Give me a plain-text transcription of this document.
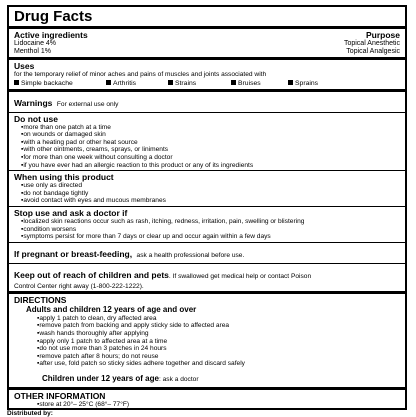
Drug Facts
Active ingredients	Purpose
Lidocaine 4%	Topical Anesthetic
Menthol 1%	Topical Analgesic
Uses
for the temporary relief of minor aches and pains of muscles and joints associated with
Simple backache	Arthritis	Strains	Bruises	Sprains
Warnings For external use only
Do not use
▪more than one patch at a time
▪on wounds or damaged skin
▪with a heating pad or other heat source
▪with other ointments, creams, sprays, or liniments
▪for more than one week without consulting a doctor
▪if you have ever had an allergic reaction to this product or any of its ingredients
When using this product
▪use only as directed
▪do not bandage tightly
▪avoid contact with eyes and mucous membranes
Stop use and ask a doctor if
▪localized skin reactions occur such as rash, itching, redness, irritation, pain, swelling or blistering
▪condition worsens
▪symptoms persist for more than 7 days or clear up and occur again within a few days
If pregnant or breast-feeding, ask a health professional before use.
Keep out of reach of children and pets. If swallowed get medical help or contact Poison
Control Center right away (1-800-222-1222).
DIRECTIONS
Adults and children 12 years of age and over
▪apply 1 patch to clean, dry affected area
▪remove patch from backing and apply sticky side to affected area
▪wash hands thoroughly after applying
▪apply only 1 patch to affected area at a time
▪do not use more than 3 patches in 24 hours
▪remove patch after 8 hours; do not reuse
▪after use, fold patch so sticky sides adhere together and discard safely
Children under 12 years of age: ask a doctor
OTHER INFORMATION
▪store at 20°– 25°C (68°– 77°F)
Distributed by:
